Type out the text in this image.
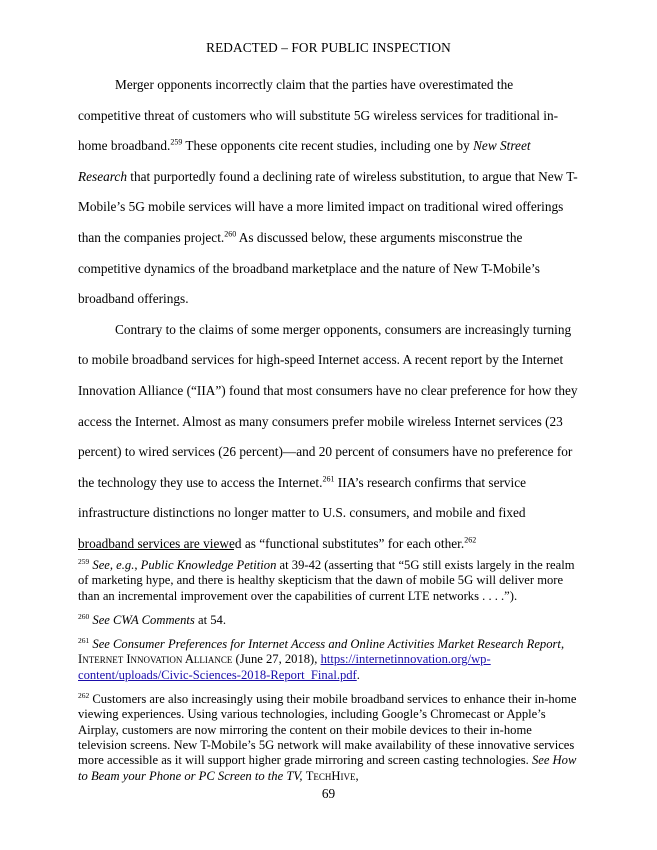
REDACTED – FOR PUBLIC INSPECTION

Merger opponents incorrectly claim that the parties have overestimated the competitive threat of customers who will substitute 5G wireless services for traditional in-home broadband.$^{259}$ These opponents cite recent studies, including one by New Street Research that purportedly found a declining rate of wireless substitution, to argue that New T-Mobile’s 5G mobile services will have a more limited impact on traditional wired offerings than the companies project.$^{260}$ As discussed below, these arguments misconstrue the competitive dynamics of the broadband marketplace and the nature of New T-Mobile’s broadband offerings.

Contrary to the claims of some merger opponents, consumers are increasingly turning to mobile broadband services for high-speed Internet access. A recent report by the Internet Innovation Alliance (“IIA”) found that most consumers have no clear preference for how they access the Internet. Almost as many consumers prefer mobile wireless Internet services (23 percent) to wired services (26 percent)—and 20 percent of consumers have no preference for the technology they use to access the Internet.$^{261}$ IIA’s research confirms that service infrastructure distinctions no longer matter to U.S. consumers, and mobile and fixed broadband services are viewed as “functional substitutes” for each other.$^{262}$

$^{259}$ See, e.g., Public Knowledge Petition at 39-42 (asserting that “5G still exists largely in the realm of marketing hype, and there is healthy skepticism that the dawn of mobile 5G will deliver more than an incremental improvement over the capabilities of current LTE networks . . . .”).

$^{260}$ See CWA Comments at 54.

$^{261}$ See Consumer Preferences for Internet Access and Online Activities Market Research Report, Internet Innovation Alliance (June 27, 2018), https://internetinnovation.org/wp-content/uploads/Civic-Sciences-2018-Report_Final.pdf.

$^{262}$ Customers are also increasingly using their mobile broadband services to enhance their in-home viewing experiences. Using various technologies, including Google’s Chromecast or Apple’s Airplay, customers are now mirroring the content on their mobile devices to their in-home television screens. New T-Mobile’s 5G network will make availability of these innovative services more accessible as it will support higher grade mirroring and screen casting technologies. See How to Beam your Phone or PC Screen to the TV, TechHive,

69
